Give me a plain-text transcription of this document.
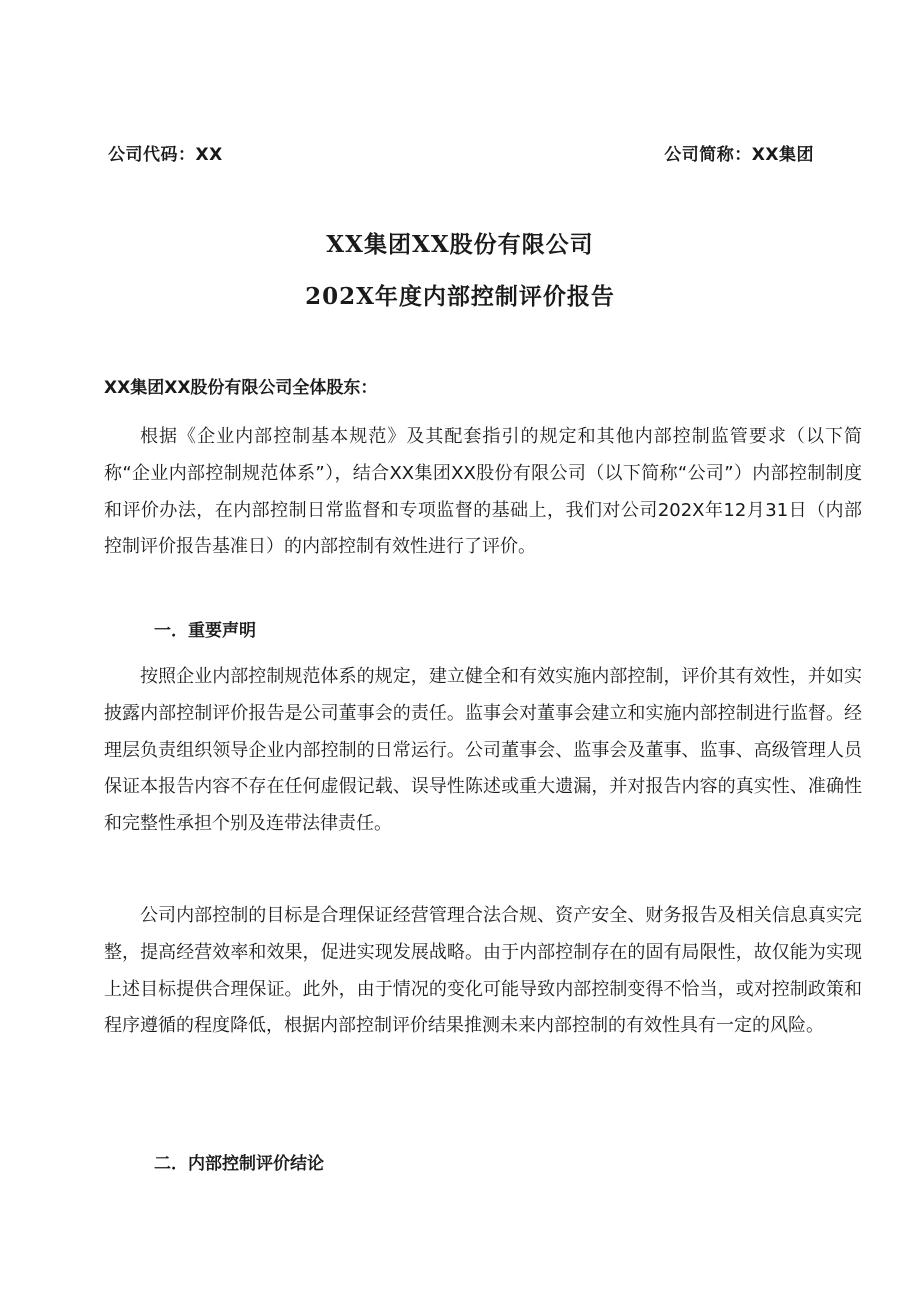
公司代码：XX	公司简称：XX集团
XX集团XX股份有限公司
202X年度内部控制评价报告
XX集团XX股份有限公司全体股东：

根据《企业内部控制基本规范》及其配套指引的规定和其他内部控制监管要求（以下简称“企业内部控制规范体系”），结合XX集团XX股份有限公司（以下简称“公司”）内部控制制度和评价办法，在内部控制日常监督和专项监督的基础上，我们对公司202X年12月31日（内部控制评价报告基准日）的内部控制有效性进行了评价。

一．重要声明

按照企业内部控制规范体系的规定，建立健全和有效实施内部控制，评价其有效性，并如实披露内部控制评价报告是公司董事会的责任。监事会对董事会建立和实施内部控制进行监督。经理层负责组织领导企业内部控制的日常运行。公司董事会、监事会及董事、监事、高级管理人员保证本报告内容不存在任何虚假记载、误导性陈述或重大遗漏，并对报告内容的真实性、准确性和完整性承担个别及连带法律责任。

公司内部控制的目标是合理保证经营管理合法合规、资产安全、财务报告及相关信息真实完整，提高经营效率和效果，促进实现发展战略。由于内部控制存在的固有局限性，故仅能为实现上述目标提供合理保证。此外，由于情况的变化可能导致内部控制变得不恰当，或对控制政策和程序遵循的程度降低，根据内部控制评价结果推测未来内部控制的有效性具有一定的风险。

二．内部控制评价结论
